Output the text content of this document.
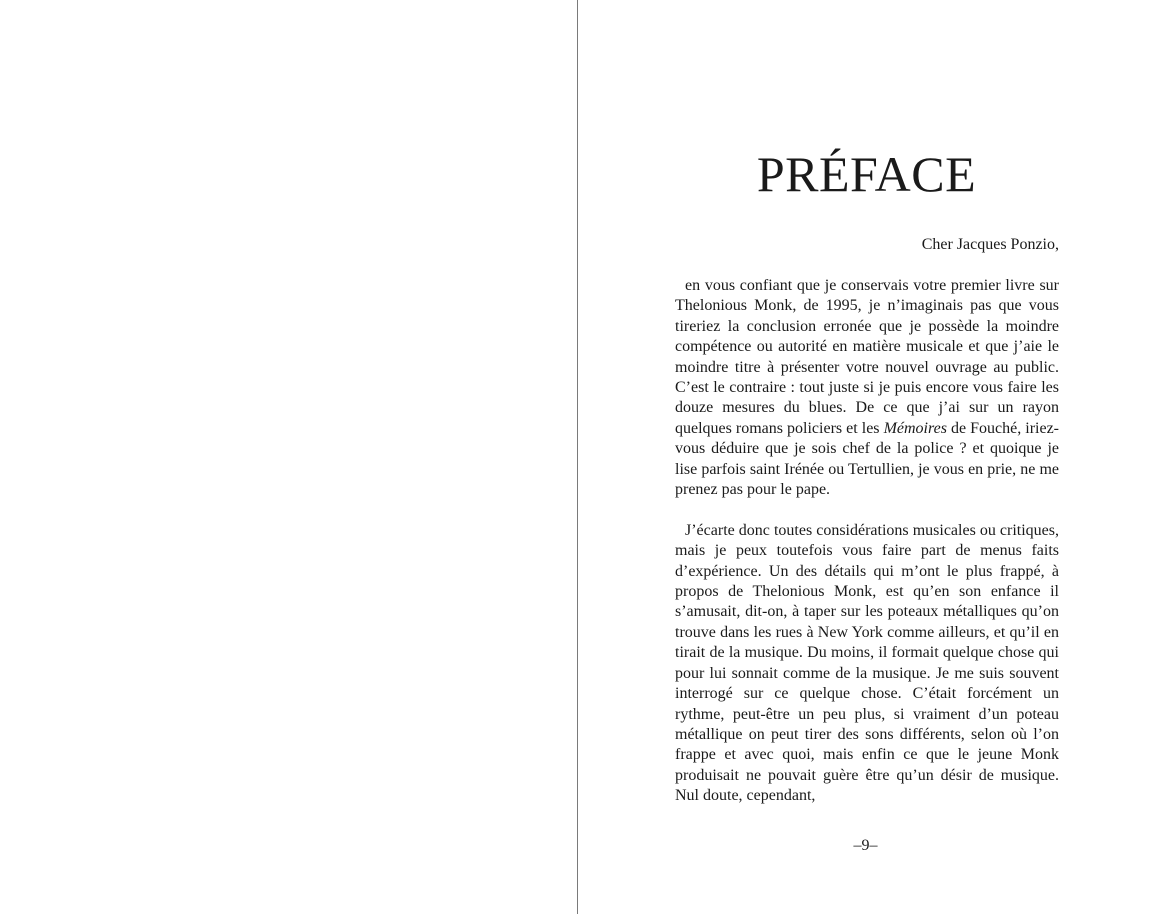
PRÉFACE

Cher Jacques Ponzio,

en vous confiant que je conservais votre premier livre sur Thelonious Monk, de 1995, je n’imaginais pas que vous tireriez la conclusion erronée que je possède la moindre compétence ou autorité en matière musicale et que j’aie le moindre titre à présenter votre nouvel ouvrage au public. C’est le contraire : tout juste si je puis encore vous faire les douze mesures du blues. De ce que j’ai sur un rayon quelques romans policiers et les Mémoires de Fouché, iriez-vous déduire que je sois chef de la police ? et quoique je lise parfois saint Irénée ou Tertullien, je vous en prie, ne me prenez pas pour le pape.

J’écarte donc toutes considérations musicales ou critiques, mais je peux toutefois vous faire part de menus faits d’expérience. Un des détails qui m’ont le plus frappé, à propos de Thelonious Monk, est qu’en son enfance il s’amusait, dit-on, à taper sur les poteaux métalliques qu’on trouve dans les rues à New York comme ailleurs, et qu’il en tirait de la musique. Du moins, il formait quelque chose qui pour lui sonnait comme de la musique. Je me suis souvent interrogé sur ce quelque chose. C’était forcément un rythme, peut-être un peu plus, si vraiment d’un poteau métallique on peut tirer des sons différents, selon où l’on frappe et avec quoi, mais enfin ce que le jeune Monk produisait ne pouvait guère être qu’un désir de musique. Nul doute, cependant,

–9–
